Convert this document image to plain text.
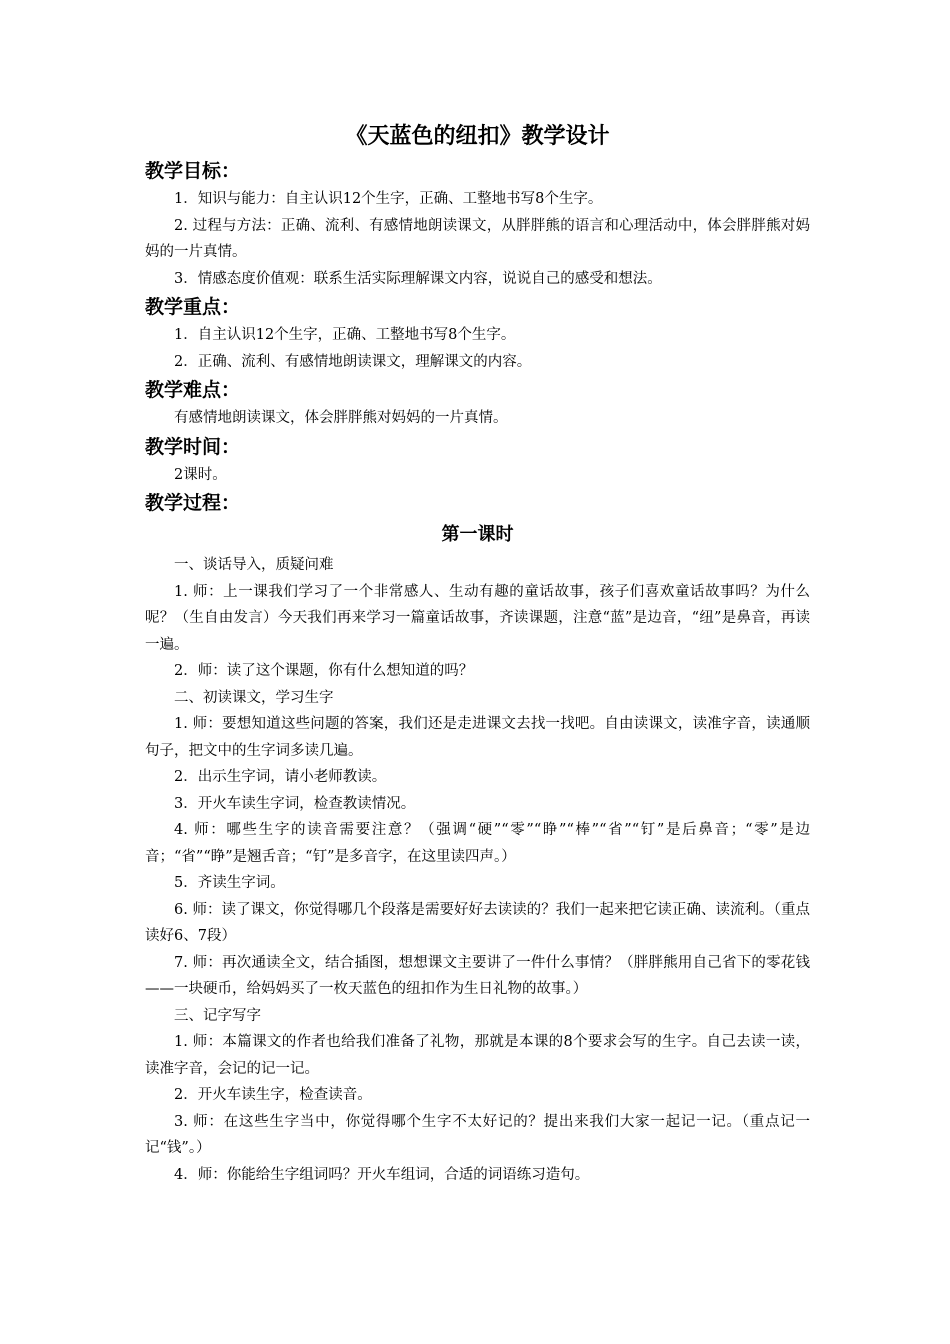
《天蓝色的纽扣》教学设计
教学目标：

1．知识与能力：自主认识12个生字，正确、工整地书写8个生字。

2. 过程与方法：正确、流利、有感情地朗读课文，从胖胖熊的语言和心理活动中，体会胖胖熊对妈妈的一片真情。

3．情感态度价值观：联系生活实际理解课文内容，说说自己的感受和想法。

教学重点：

1．自主认识12个生字，正确、工整地书写8个生字。

2．正确、流利、有感情地朗读课文，理解课文的内容。

教学难点：

有感情地朗读课文，体会胖胖熊对妈妈的一片真情。

教学时间：

2课时。

教学过程：
第一课时

一、谈话导入，质疑问难

1. 师：上一课我们学习了一个非常感人、生动有趣的童话故事，孩子们喜欢童话故事吗？为什么呢？（生自由发言）今天我们再来学习一篇童话故事，齐读课题，注意“蓝”是边音，“纽”是鼻音，再读一遍。

2．师：读了这个课题，你有什么想知道的吗？

二、初读课文，学习生字

1. 师：要想知道这些问题的答案，我们还是走进课文去找一找吧。自由读课文，读准字音，读通顺句子，把文中的生字词多读几遍。

2．出示生字词，请小老师教读。

3．开火车读生字词，检查教读情况。

4. 师：哪些生字的读音需要注意？（强调“硬”“零”“睁”“棒”“省”“钉”是后鼻音；“零”是边音；“省”“睁”是翘舌音；“钉”是多音字，在这里读四声。）

5．齐读生字词。

6. 师：读了课文，你觉得哪几个段落是需要好好去读读的？我们一起来把它读正确、读流利。（重点读好6、7段）

7. 师：再次通读全文，结合插图，想想课文主要讲了一件什么事情？（胖胖熊用自己省下的零花钱——一块硬币，给妈妈买了一枚天蓝色的纽扣作为生日礼物的故事。）

三、记字写字

1. 师：本篇课文的作者也给我们准备了礼物，那就是本课的8个要求会写的生字。自己去读一读，读准字音，会记的记一记。

2．开火车读生字，检查读音。

3. 师：在这些生字当中，你觉得哪个生字不太好记的？提出来我们大家一起记一记。（重点记一记“钱”。）

4．师：你能给生字组词吗？开火车组词，合适的词语练习造句。
